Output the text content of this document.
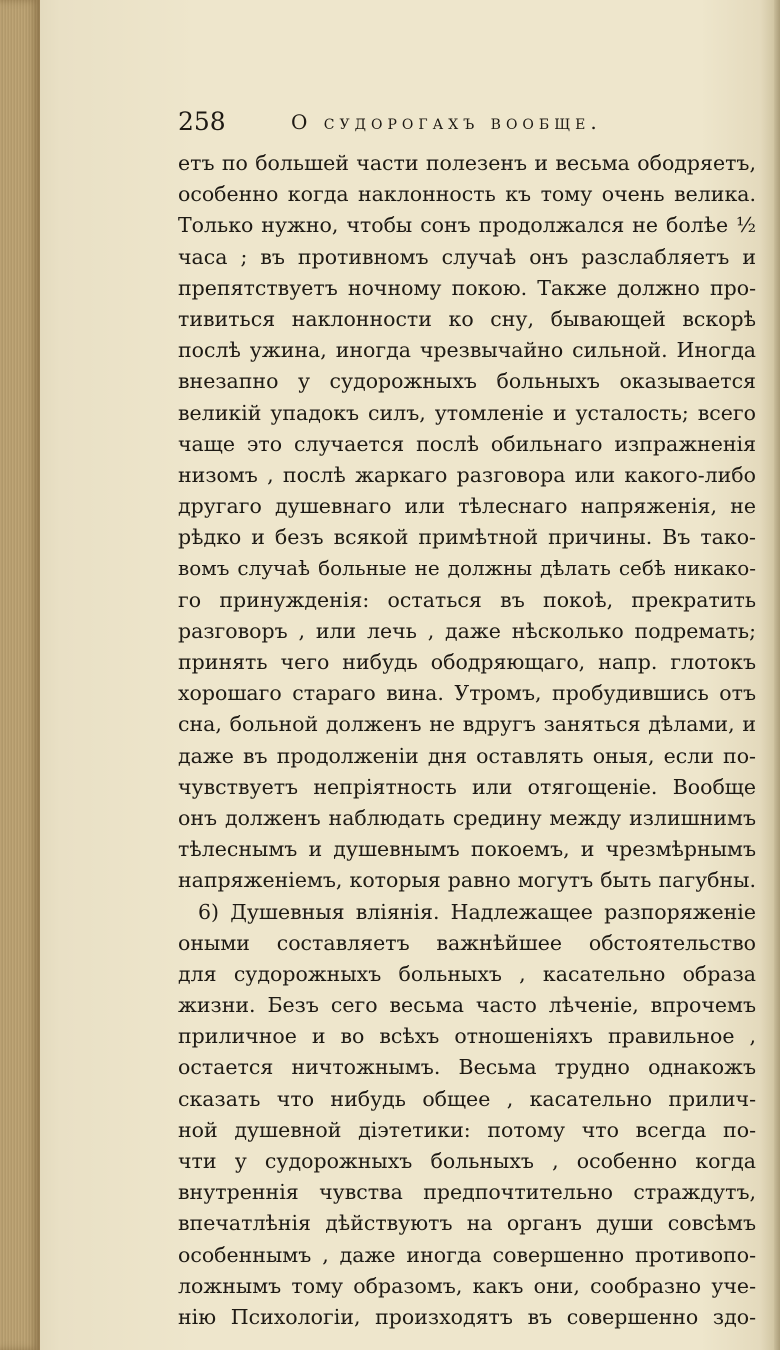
258	О судорогахъ вообще.
етъ по большей части полезенъ и весьма ободряетъ,
особенно когда наклонность къ тому очень велика.
Только нужно, чтобы сонъ продолжался не болѣе ½
часа ; въ противномъ случаѣ онъ разслабляетъ и
препятствуетъ ночному покою. Также должно про-
тивиться наклонности ко сну, бывающей вскорѣ
послѣ ужина, иногда чрезвычайно сильной. Иногда
внезапно у судорожныхъ больныхъ оказывается
великій упадокъ силъ, утомленіе и усталость; всего
чаще это случается послѣ обильнаго изпражненія
низомъ , послѣ жаркаго разговора или какого-либо
другаго душевнаго или тѣлеснаго напряженія, не
рѣдко и безъ всякой примѣтной причины. Въ тако-
вомъ случаѣ больные не должны дѣлать себѣ никако-
го принужденія: остаться въ покоѣ, прекратить
разговоръ , или лечь , даже нѣсколько подремать;
принять чего нибудь ободряющаго, напр. глотокъ
хорошаго стараго вина. Утромъ, пробудившись отъ
сна, больной долженъ не вдругъ заняться дѣлами, и
даже въ продолженіи дня оставлять оныя, если по-
чувствуетъ непріятность или отягощеніе. Вообще
онъ долженъ наблюдать средину между излишнимъ
тѣлеснымъ и душевнымъ покоемъ, и чрезмѣрнымъ
напряженіемъ, которыя равно могутъ быть пагубны.
6) Душевныя вліянія. Надлежащее разпоряженіе
оными составляетъ важнѣйшее обстоятельство
для судорожныхъ больныхъ , касательно образа
жизни. Безъ сего весьма часто лѣченіе, впрочемъ
приличное и во всѣхъ отношеніяхъ правильное ,
остается ничтожнымъ. Весьма трудно однакожъ
сказать что нибудь общее , касательно прилич-
ной душевной діэтетики: потому что всегда по-
чти у судорожныхъ больныхъ , особенно когда
внутреннія чувства предпочтительно страждутъ,
впечатлѣнія дѣйствуютъ на органъ души совсѣмъ
особеннымъ , даже иногда совершенно противопо-
ложнымъ тому образомъ, какъ они, сообразно уче-
нію Психологіи, произходятъ въ совершенно здо-
